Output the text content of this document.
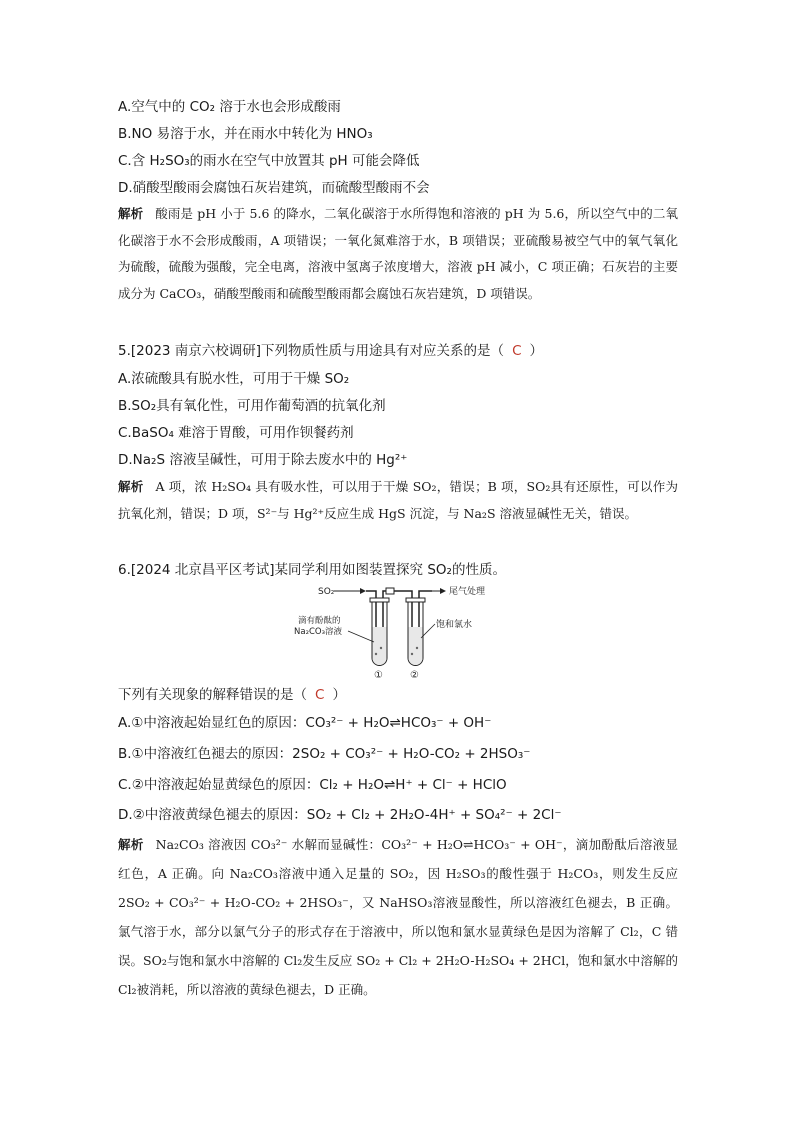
A.空气中的 CO₂ 溶于水也会形成酸雨
B.NO 易溶于水，并在雨水中转化为 HNO₃
C.含 H₂SO₃的雨水在空气中放置其 pH 可能会降低
D.硝酸型酸雨会腐蚀石灰岩建筑，而硫酸型酸雨不会
解析 酸雨是 pH 小于 5.6 的降水，二氧化碳溶于水所得饱和溶液的 pH 为 5.6，所以空气中的二氧化碳溶于水不会形成酸雨，A 项错误；一氧化氮难溶于水，B 项错误；亚硫酸易被空气中的氧气氧化为硫酸，硫酸为强酸，完全电离，溶液中氢离子浓度增大，溶液 pH 减小，C 项正确；石灰岩的主要成分为 CaCO₃，硝酸型酸雨和硫酸型酸雨都会腐蚀石灰岩建筑，D 项错误。
5.[2023 南京六校调研]下列物质性质与用途具有对应关系的是（ C ）
A.浓硫酸具有脱水性，可用于干燥 SO₂
B.SO₂具有氧化性，可用作葡萄酒的抗氧化剂
C.BaSO₄ 难溶于胃酸，可用作钡餐药剂
D.Na₂S 溶液呈碱性，可用于除去废水中的 Hg²⁺
解析 A 项，浓 H₂SO₄ 具有吸水性，可以用于干燥 SO₂，错误；B 项，SO₂具有还原性，可以作为抗氧化剂，错误；D 项，S²⁻与 Hg²⁺反应生成 HgS 沉淀，与 Na₂S 溶液显碱性无关，错误。
6.[2024 北京昌平区考试]某同学利用如图装置探究 SO₂的性质。
SO₂	尾气处理
滴有酚酞的
Na₂CO₃溶液
饱和氯水
①	②
下列有关现象的解释错误的是（ C ）
A.①中溶液起始显红色的原因：CO₃²⁻ + H₂O⇌HCO₃⁻ + OH⁻
B.①中溶液红色褪去的原因：2SO₂ + CO₃²⁻ + H₂O-CO₂ + 2HSO₃⁻
C.②中溶液起始显黄绿色的原因：Cl₂ + H₂O⇌H⁺ + Cl⁻ + HClO
D.②中溶液黄绿色褪去的原因：SO₂ + Cl₂ + 2H₂O-4H⁺ + SO₄²⁻ + 2Cl⁻
解析 Na₂CO₃ 溶液因 CO₃²⁻ 水解而显碱性：CO₃²⁻ + H₂O⇌HCO₃⁻ + OH⁻，滴加酚酞后溶液显红色，A 正确。向 Na₂CO₃溶液中通入足量的 SO₂，因 H₂SO₃的酸性强于 H₂CO₃，则发生反应 2SO₂ + CO₃²⁻ + H₂O-CO₂ + 2HSO₃⁻，又 NaHSO₃溶液显酸性，所以溶液红色褪去，B 正确。氯气溶于水，部分以氯气分子的形式存在于溶液中，所以饱和氯水显黄绿色是因为溶解了 Cl₂，C 错误。SO₂与饱和氯水中溶解的 Cl₂发生反应 SO₂ + Cl₂ + 2H₂O-H₂SO₄ + 2HCl，饱和氯水中溶解的 Cl₂被消耗，所以溶液的黄绿色褪去，D 正确。
